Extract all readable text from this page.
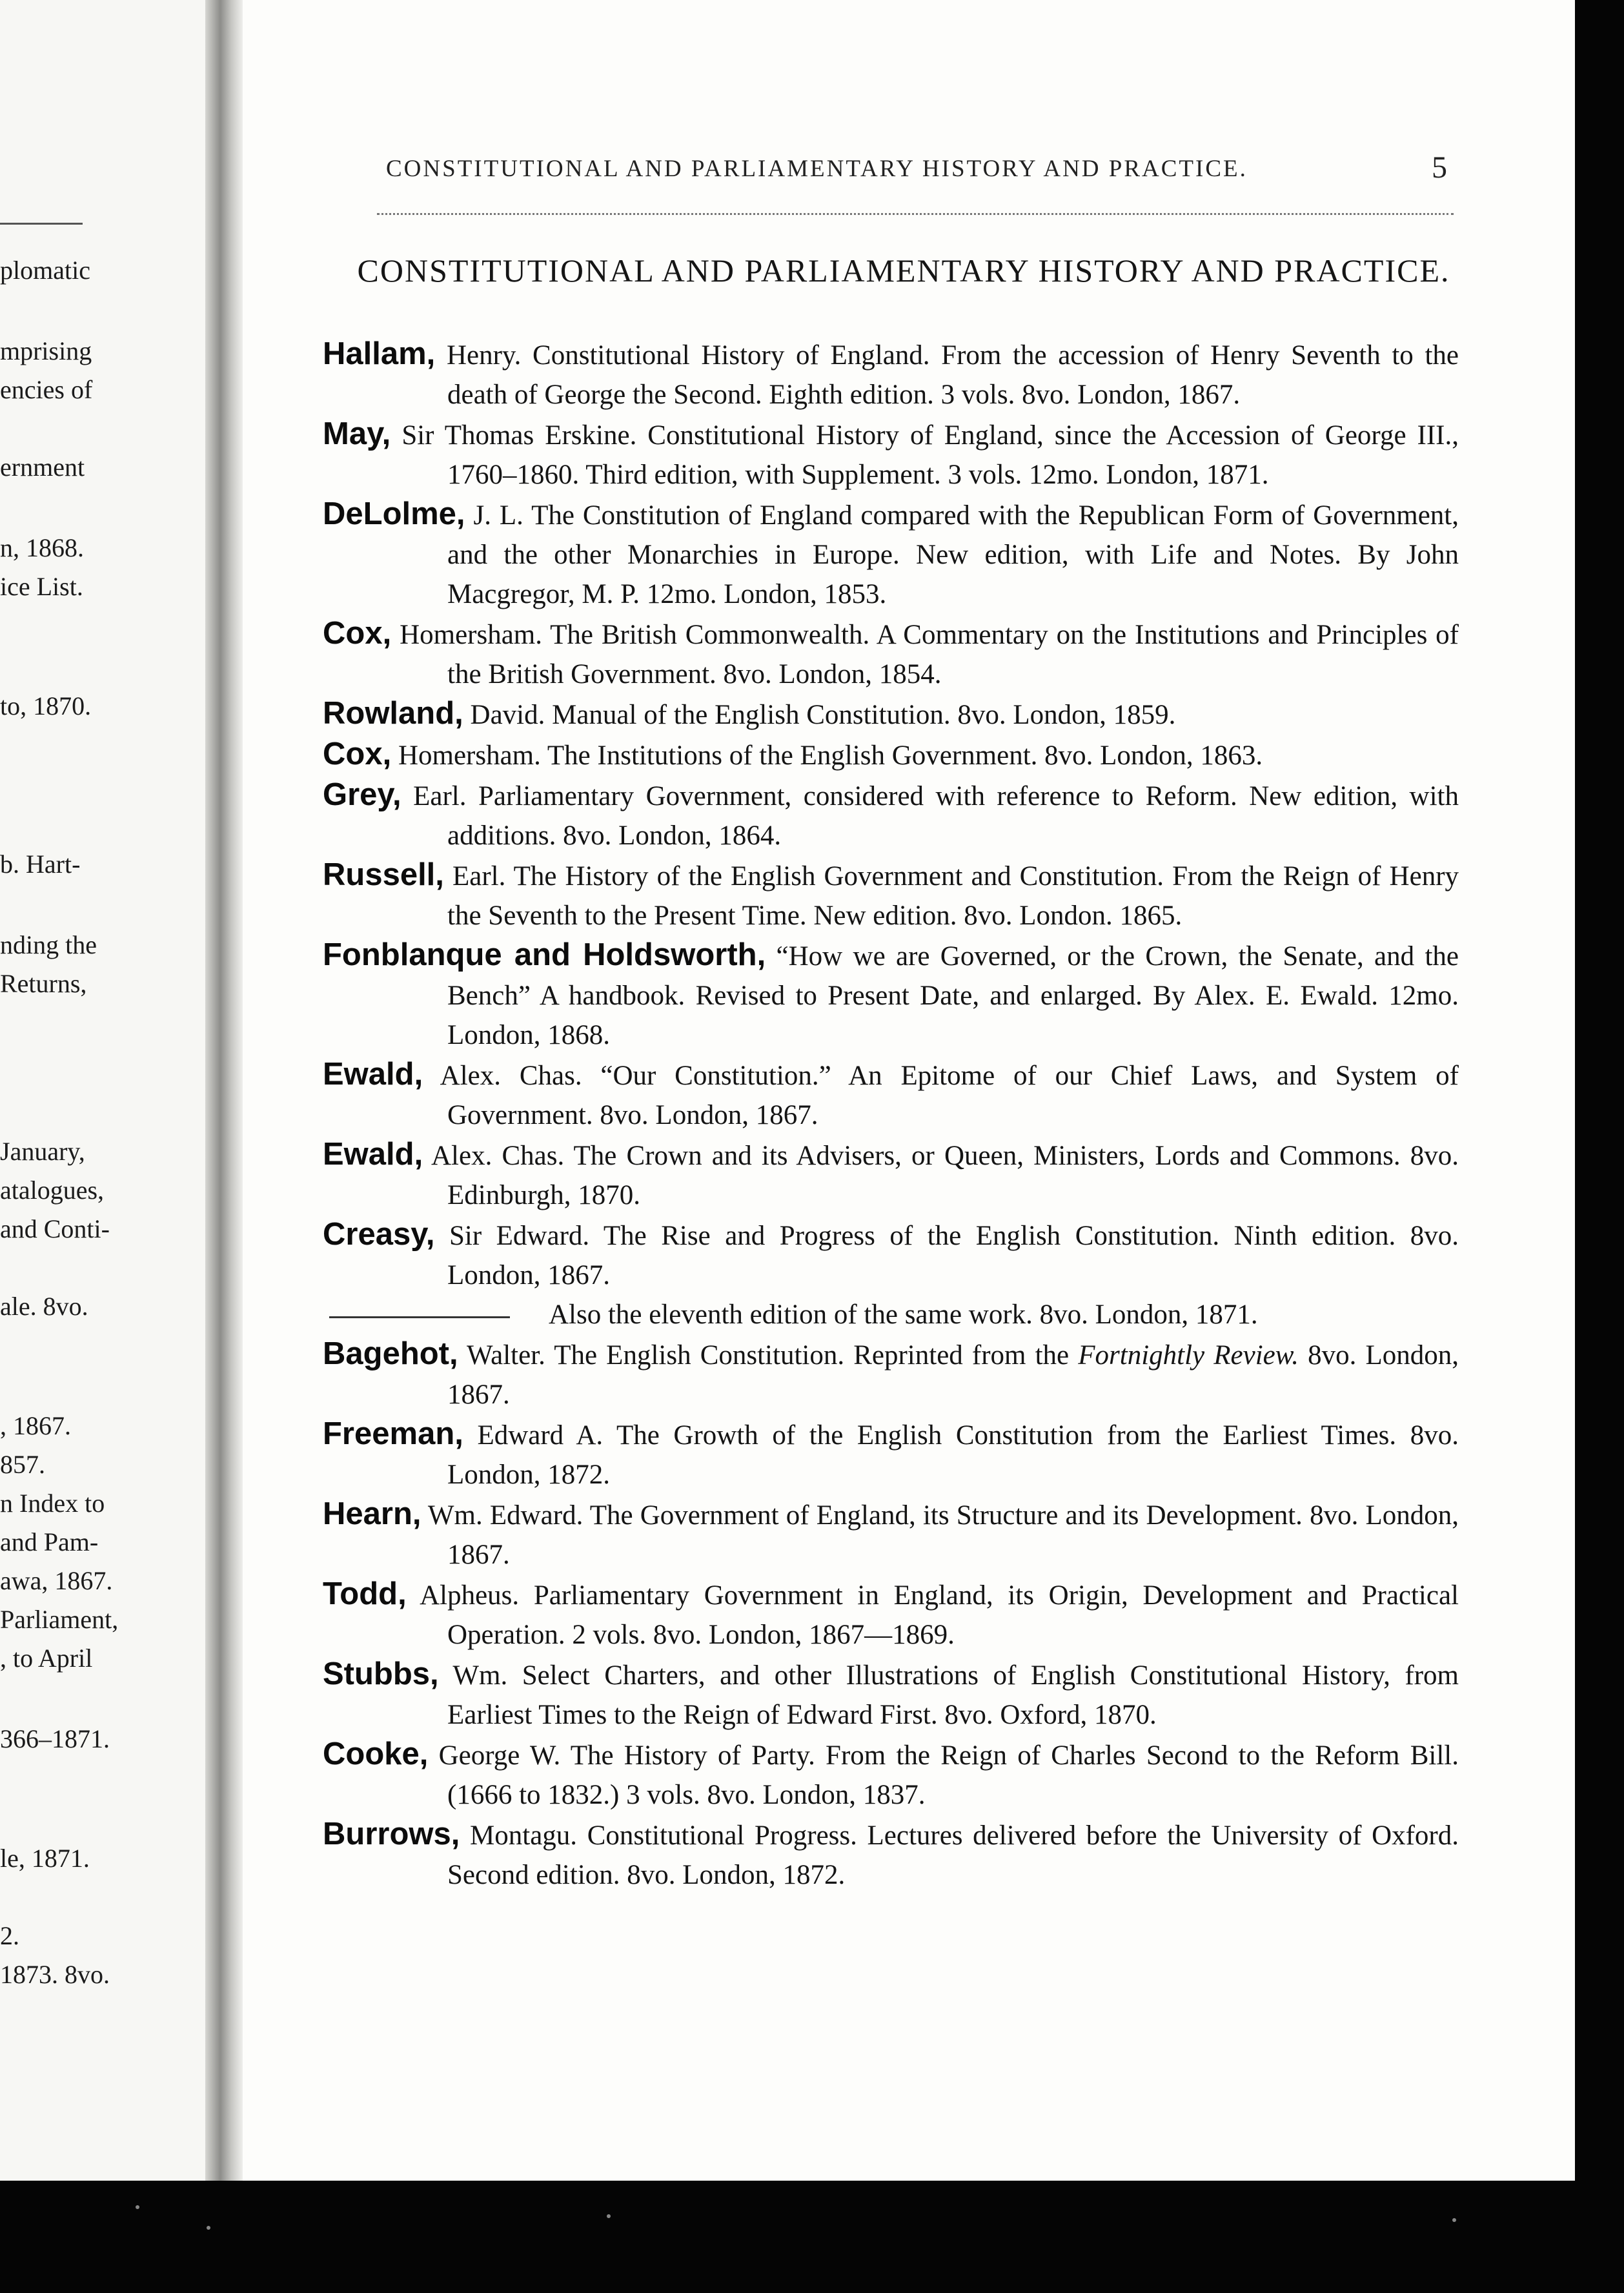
plomatic
mprising
encies of
ernment
n, 1868.
ice List.
to, 1870.
b. Hart-
nding the
Returns,
January,
atalogues,
and Conti-
ale. 8vo.
, 1867.
857.
n Index to
and Pam-
awa, 1867.
Parliament,
, to April
366–1871.
le, 1871.
2.
1873. 8vo.
CONSTITUTIONAL AND PARLIAMENTARY HISTORY AND PRACTICE.	5
CONSTITUTIONAL AND PARLIAMENTARY HISTORY AND PRACTICE.
Hallam, Henry. Constitutional History of England. From the accession of Henry Seventh to the death of George the Second. Eighth edition. 3 vols. 8vo. London, 1867.
May, Sir Thomas Erskine. Constitutional History of England, since the Accession of George III., 1760–1860. Third edition, with Supplement. 3 vols. 12mo. London, 1871.
DeLolme, J. L. The Constitution of England compared with the Republican Form of Government, and the other Monarchies in Europe. New edition, with Life and Notes. By John Macgregor, M. P. 12mo. London, 1853.
Cox, Homersham. The British Commonwealth. A Commentary on the Institutions and Principles of the British Government. 8vo. London, 1854.
Rowland, David. Manual of the English Constitution. 8vo. London, 1859.
Cox, Homersham. The Institutions of the English Government. 8vo. London, 1863.
Grey, Earl. Parliamentary Government, considered with reference to Reform. New edition, with additions. 8vo. London, 1864.
Russell, Earl. The History of the English Government and Constitution. From the Reign of Henry the Seventh to the Present Time. New edition. 8vo. London. 1865.
Fonblanque and Holdsworth, “How we are Governed, or the Crown, the Senate, and the Bench” A handbook. Revised to Present Date, and enlarged. By Alex. E. Ewald. 12mo. London, 1868.
Ewald, Alex. Chas. “Our Constitution.” An Epitome of our Chief Laws, and System of Government. 8vo. London, 1867.
Ewald, Alex. Chas. The Crown and its Advisers, or Queen, Ministers, Lords and Commons. 8vo. Edinburgh, 1870.
Creasy, Sir Edward. The Rise and Progress of the English Constitution. Ninth edition. 8vo. London, 1867.
Also the eleventh edition of the same work. 8vo. London, 1871.
Bagehot, Walter. The English Constitution. Reprinted from the Fortnightly Review. 8vo. London, 1867.
Freeman, Edward A. The Growth of the English Constitution from the Earliest Times. 8vo. London, 1872.
Hearn, Wm. Edward. The Government of England, its Structure and its Development. 8vo. London, 1867.
Todd, Alpheus. Parliamentary Government in England, its Origin, Development and Practical Operation. 2 vols. 8vo. London, 1867—1869.
Stubbs, Wm. Select Charters, and other Illustrations of English Constitutional History, from Earliest Times to the Reign of Edward First. 8vo. Oxford, 1870.
Cooke, George W. The History of Party. From the Reign of Charles Second to the Reform Bill. (1666 to 1832.) 3 vols. 8vo. London, 1837.
Burrows, Montagu. Constitutional Progress. Lectures delivered before the University of Oxford. Second edition. 8vo. London, 1872.
